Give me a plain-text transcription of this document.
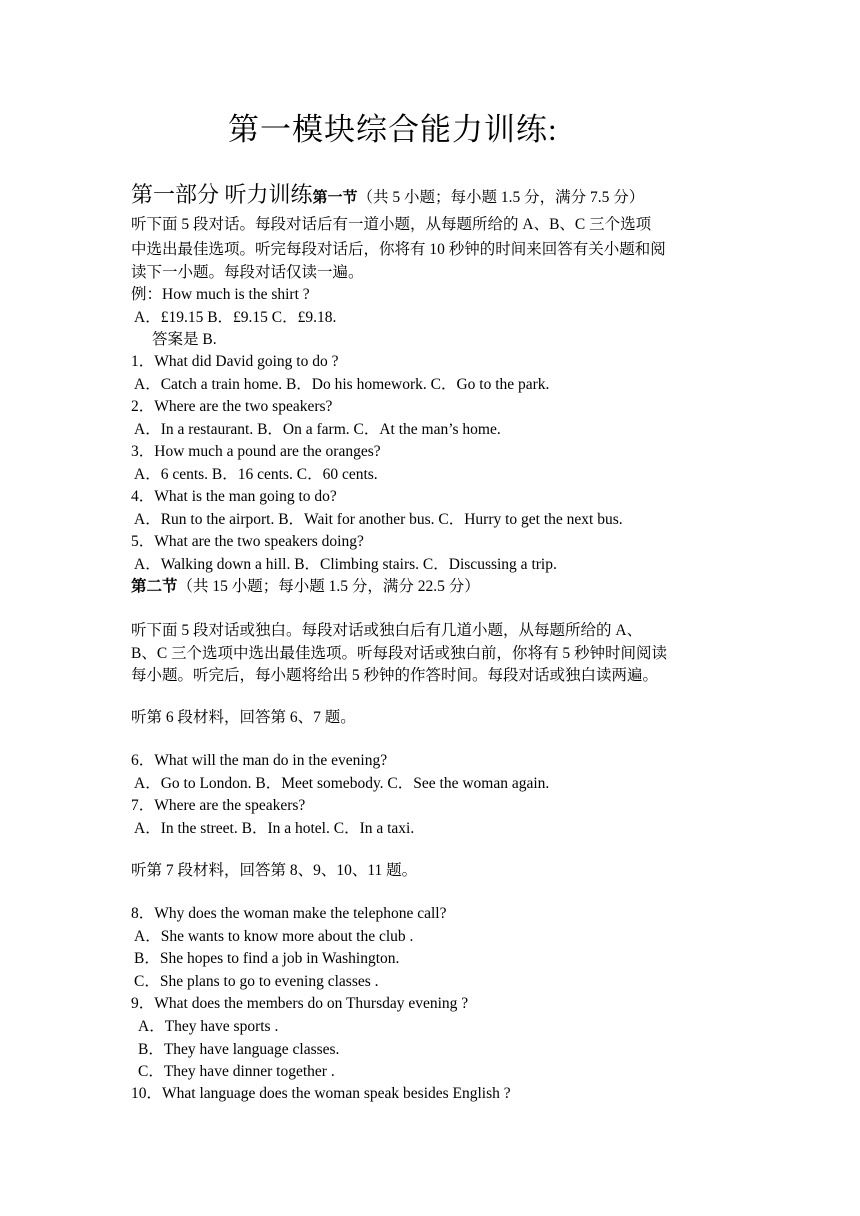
第一模块综合能力训练:
第一部分 听力训练第一节（共 5 小题；每小题 1.5 分，满分 7.5 分）
听下面 5 段对话。每段对话后有一道小题，从每题所给的 A、B、C 三个选项
中选出最佳选项。听完每段对话后，你将有 10 秒钟的时间来回答有关小题和阅
读下一小题。每段对话仅读一遍。
例：How much is the shirt ?
A．£19.15 B．£9.15 C．£9.18.
答案是 B.
1．What did David going to do ?
A．Catch a train home. B．Do his homework. C．Go to the park.
2．Where are the two speakers?
A．In a restaurant. B．On a farm. C．At the man’s home.
3．How much a pound are the oranges?
A．6 cents. B．16 cents. C．60 cents.
4．What is the man going to do?
A．Run to the airport. B．Wait for another bus. C．Hurry to get the next bus.
5．What are the two speakers doing?
A．Walking down a hill. B．Climbing stairs. C．Discussing a trip.
第二节（共 15 小题；每小题 1.5 分，满分 22.5 分）
听下面 5 段对话或独白。每段对话或独白后有几道小题，从每题所给的 A、
B、C 三个选项中选出最佳选项。听每段对话或独白前，你将有 5 秒钟时间阅读
每小题。听完后，每小题将给出 5 秒钟的作答时间。每段对话或独白读两遍。
听第 6 段材料，回答第 6、7 题。
6．What will the man do in the evening?
A．Go to London. B．Meet somebody. C．See the woman again.
7．Where are the speakers?
A．In the street. B．In a hotel. C．In a taxi.
听第 7 段材料，回答第 8、9、10、11 题。
8．Why does the woman make the telephone call?
A．She wants to know more about the club .
B．She hopes to find a job in Washington.
C．She plans to go to evening classes .
9．What does the members do on Thursday evening ?
A．They have sports .
B．They have language classes.
C．They have dinner together .
10．What language does the woman speak besides English ?
